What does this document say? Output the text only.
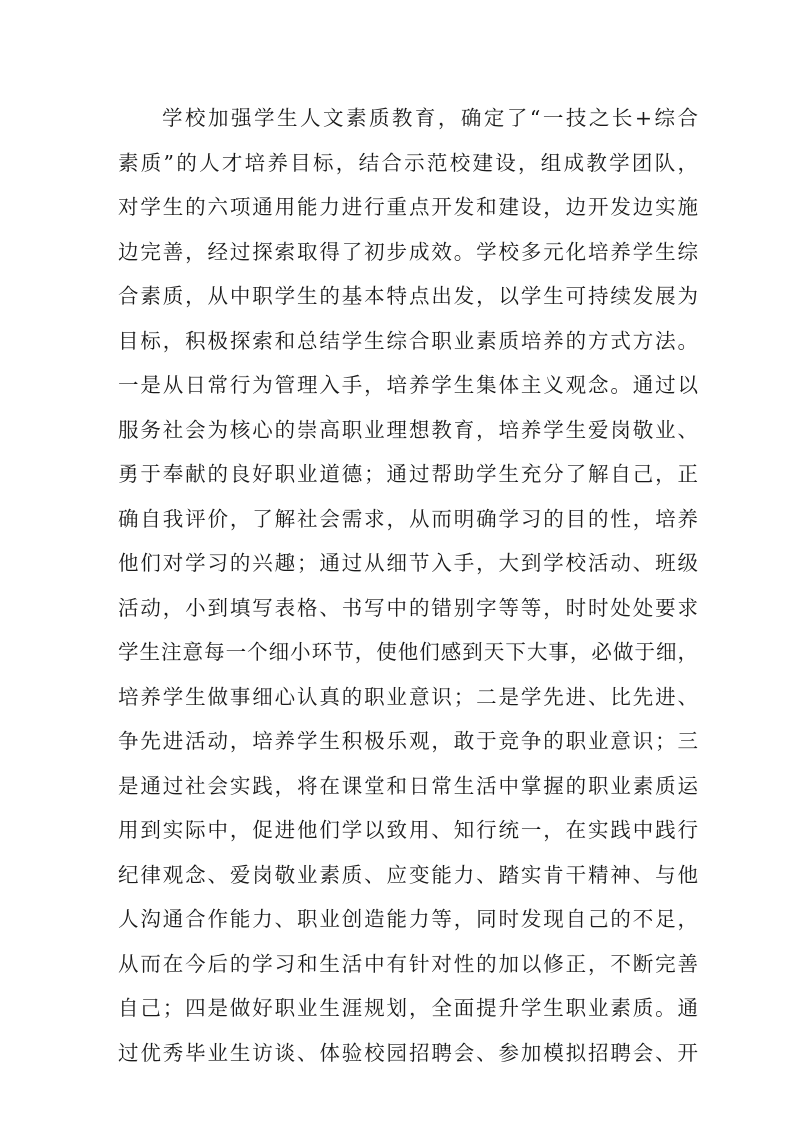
学校加强学生人文素质教育，确定了“一技之长+综合
素质”的人才培养目标，结合示范校建设，组成教学团队，
对学生的六项通用能力进行重点开发和建设，边开发边实施
边完善，经过探索取得了初步成效。学校多元化培养学生综
合素质，从中职学生的基本特点出发，以学生可持续发展为
目标，积极探索和总结学生综合职业素质培养的方式方法。
一是从日常行为管理入手，培养学生集体主义观念。通过以
服务社会为核心的崇高职业理想教育，培养学生爱岗敬业、
勇于奉献的良好职业道德；通过帮助学生充分了解自己，正
确自我评价，了解社会需求，从而明确学习的目的性，培养
他们对学习的兴趣；通过从细节入手，大到学校活动、班级
活动，小到填写表格、书写中的错别字等等，时时处处要求
学生注意每一个细小环节，使他们感到天下大事，必做于细，
培养学生做事细心认真的职业意识；二是学先进、比先进、
争先进活动，培养学生积极乐观，敢于竞争的职业意识；三
是通过社会实践，将在课堂和日常生活中掌握的职业素质运
用到实际中，促进他们学以致用、知行统一，在实践中践行
纪律观念、爱岗敬业素质、应变能力、踏实肯干精神、与他
人沟通合作能力、职业创造能力等，同时发现自己的不足，
从而在今后的学习和生活中有针对性的加以修正，不断完善
自己；四是做好职业生涯规划，全面提升学生职业素质。通
过优秀毕业生访谈、体验校园招聘会、参加模拟招聘会、开
